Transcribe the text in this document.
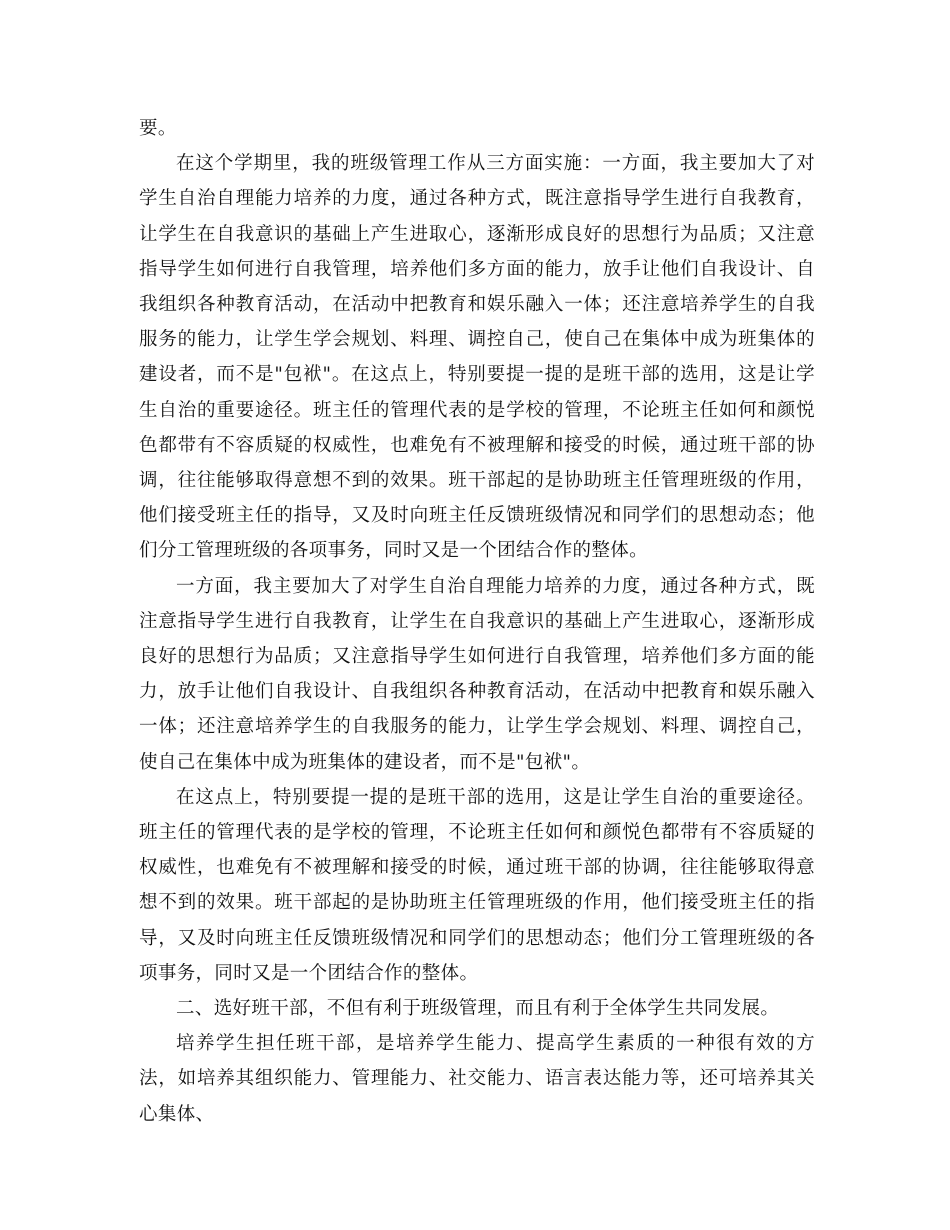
要。

在这个学期里，我的班级管理工作从三方面实施：一方面，我主要加大了对学生自治自理能力培养的力度，通过各种方式，既注意指导学生进行自我教育，让学生在自我意识的基础上产生进取心，逐渐形成良好的思想行为品质；又注意指导学生如何进行自我管理，培养他们多方面的能力，放手让他们自我设计、自我组织各种教育活动，在活动中把教育和娱乐融入一体；还注意培养学生的自我服务的能力，让学生学会规划、料理、调控自己，使自己在集体中成为班集体的建设者，而不是"包袱"。在这点上，特别要提一提的是班干部的选用，这是让学生自治的重要途径。班主任的管理代表的是学校的管理，不论班主任如何和颜悦色都带有不容质疑的权威性，也难免有不被理解和接受的时候，通过班干部的协调，往往能够取得意想不到的效果。班干部起的是协助班主任管理班级的作用，他们接受班主任的指导，又及时向班主任反馈班级情况和同学们的思想动态；他们分工管理班级的各项事务，同时又是一个团结合作的整体。

一方面，我主要加大了对学生自治自理能力培养的力度，通过各种方式，既注意指导学生进行自我教育，让学生在自我意识的基础上产生进取心，逐渐形成良好的思想行为品质；又注意指导学生如何进行自我管理，培养他们多方面的能力，放手让他们自我设计、自我组织各种教育活动，在活动中把教育和娱乐融入一体；还注意培养学生的自我服务的能力，让学生学会规划、料理、调控自己，使自己在集体中成为班集体的建设者，而不是"包袱"。

在这点上，特别要提一提的是班干部的选用，这是让学生自治的重要途径。班主任的管理代表的是学校的管理，不论班主任如何和颜悦色都带有不容质疑的权威性，也难免有不被理解和接受的时候，通过班干部的协调，往往能够取得意想不到的效果。班干部起的是协助班主任管理班级的作用，他们接受班主任的指导，又及时向班主任反馈班级情况和同学们的思想动态；他们分工管理班级的各项事务，同时又是一个团结合作的整体。

二、选好班干部，不但有利于班级管理，而且有利于全体学生共同发展。

培养学生担任班干部，是培养学生能力、提高学生素质的一种很有效的方法，如培养其组织能力、管理能力、社交能力、语言表达能力等，还可培养其关心集体、
